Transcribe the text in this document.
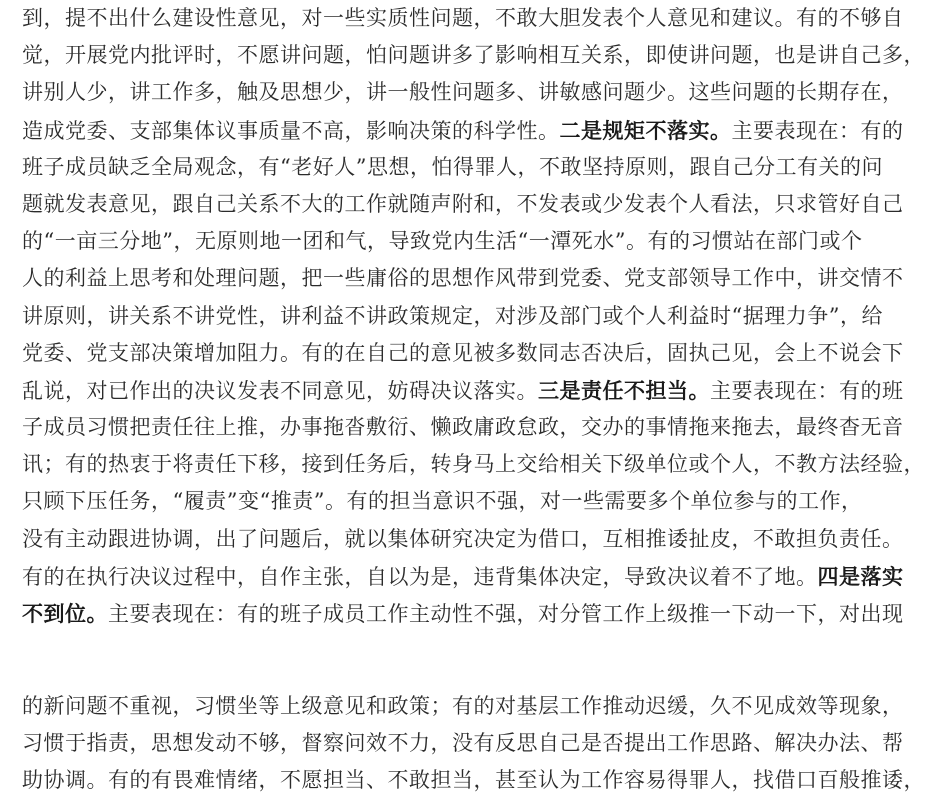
到，提不出什么建设性意见，对一些实质性问题，不敢大胆发表个人意见和建议。有的不够自
觉，开展党内批评时，不愿讲问题，怕问题讲多了影响相互关系，即使讲问题，也是讲自己多，
讲别人少，讲工作多，触及思想少，讲一般性问题多、讲敏感问题少。这些问题的长期存在，
造成党委、支部集体议事质量不高，影响决策的科学性。二是规矩不落实。主要表现在：有的
班子成员缺乏全局观念，有“老好人”思想，怕得罪人，不敢坚持原则，跟自己分工有关的问
题就发表意见，跟自己关系不大的工作就随声附和，不发表或少发表个人看法，只求管好自己
的“一亩三分地”，无原则地一团和气，导致党内生活“一潭死水”。有的习惯站在部门或个
人的利益上思考和处理问题，把一些庸俗的思想作风带到党委、党支部领导工作中，讲交情不
讲原则，讲关系不讲党性，讲利益不讲政策规定，对涉及部门或个人利益时“据理力争”，给
党委、党支部决策增加阻力。有的在自己的意见被多数同志否决后，固执己见，会上不说会下
乱说，对已作出的决议发表不同意见，妨碍决议落实。三是责任不担当。主要表现在：有的班
子成员习惯把责任往上推，办事拖沓敷衍、懒政庸政怠政，交办的事情拖来拖去，最终杳无音
讯；有的热衷于将责任下移，接到任务后，转身马上交给相关下级单位或个人，不教方法经验，
只顾下压任务，“履责”变“推责”。有的担当意识不强，对一些需要多个单位参与的工作，
没有主动跟进协调，出了问题后，就以集体研究决定为借口，互相推诿扯皮，不敢担负责任。
有的在执行决议过程中，自作主张，自以为是，违背集体决定，导致决议着不了地。四是落实
不到位。主要表现在：有的班子成员工作主动性不强，对分管工作上级推一下动一下，对出现
的新问题不重视，习惯坐等上级意见和政策；有的对基层工作推动迟缓，久不见成效等现象，
习惯于指责，思想发动不够，督察问效不力，没有反思自己是否提出工作思路、解决办法、帮
助协调。有的有畏难情绪，不愿担当、不敢担当，甚至认为工作容易得罪人，找借口百般推诿，
